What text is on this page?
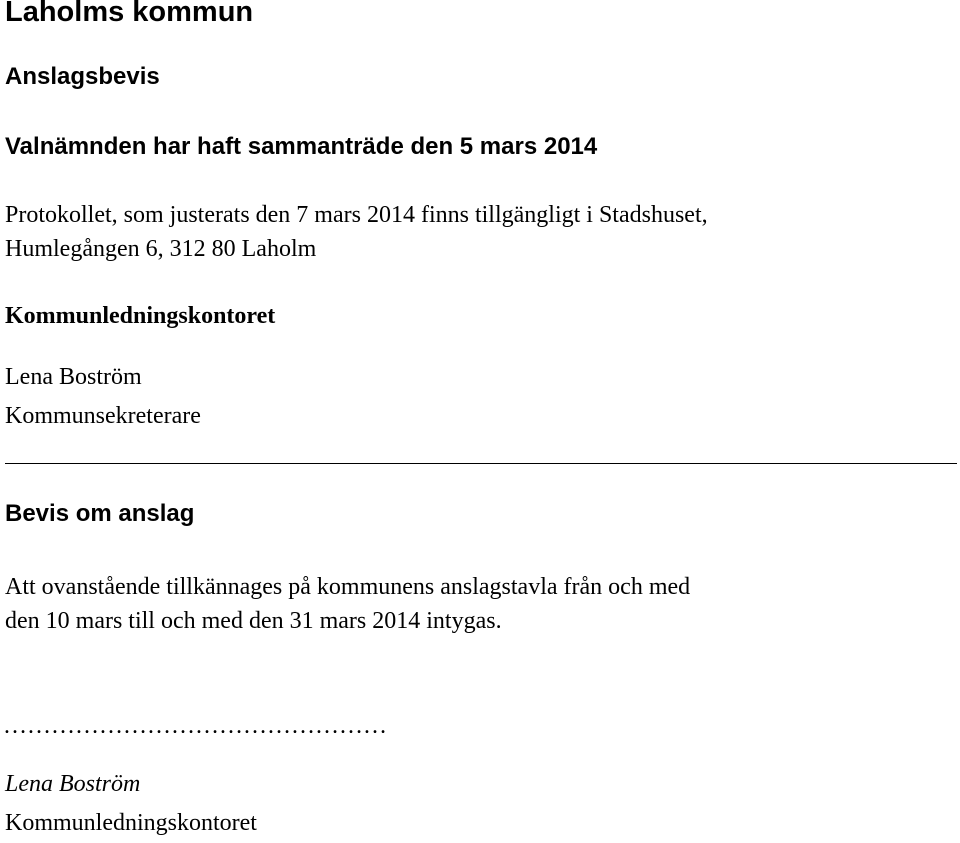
Laholms kommun
Anslagsbevis
Valnämnden har haft sammanträde den 5 mars 2014
Protokollet, som justerats den 7 mars 2014 finns tillgängligt i Stadshuset,
Humlegången 6, 312 80 Laholm
Kommunledningskontoret
Lena Boström
Kommunsekreterare
Bevis om anslag
Att ovanstående tillkännages på kommunens anslagstavla från och med
den 10 mars till och med den 31 mars 2014 intygas.
…………………………………………
Lena Boström
Kommunledningskontoret
